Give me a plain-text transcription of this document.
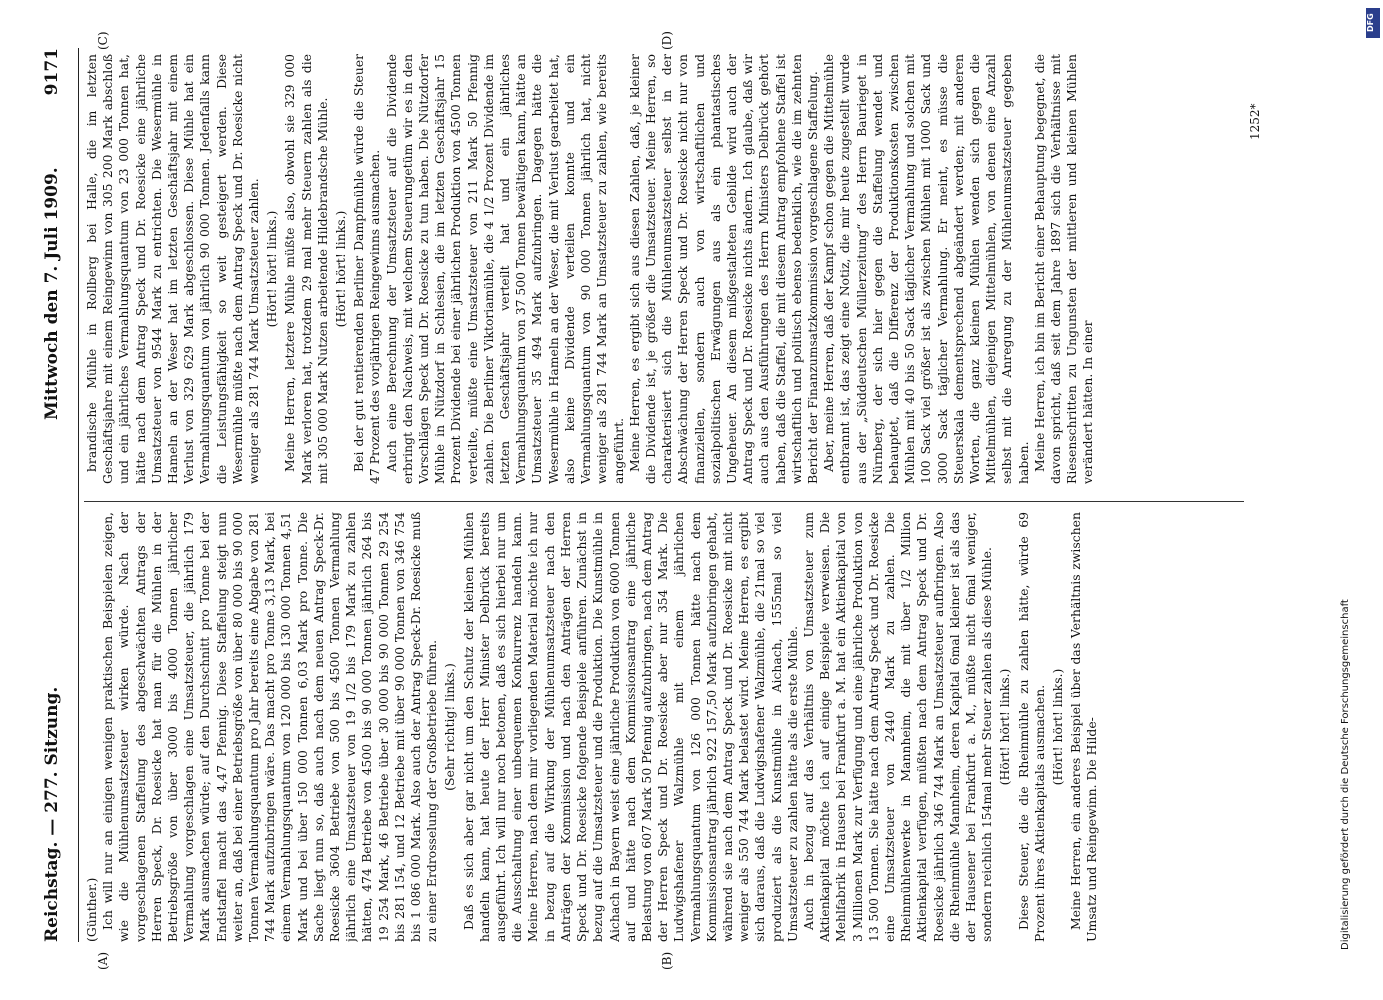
Reichstag. — 277. Sitzung.
Mittwoch den 7. Juli 1909.
9171
(A)	(B)
(C)	(D)

(Günther.) Ich will nur an einigen wenigen praktischen Beispielen zeigen, wie die Mühlenumsatzsteuer wirken würde. Nach der vorgeschlagenen Staffelung des abgeschwächten Antrags der Herren Speck, Dr. Roesicke hat man für die Mühlen in der Betriebsgröße von über 3000 bis 4000 Tonnen jährlicher Vermahlung vorgeschlagen eine Umsatzsteuer, die jährlich 179 Mark ausmachen würde; auf den Durchschnitt pro Tonne bei der Endstaffel macht das 4,47 Pfennig. Diese Staffelung steigt nun weiter an, daß bei einer Betriebsgröße von über 80 000 bis 90 000 Tonnen Vermahlungsquantum pro Jahr bereits eine Abgabe von 281 744 Mark aufzubringen wäre. Das macht pro Tonne 3,13 Mark, bei einem Vermahlungsquantum von 120 000 bis 130 000 Tonnen 4,51 Mark und bei über 150 000 Tonnen 6,03 Mark pro Tonne. Die Sache liegt nun so, daß auch nach dem neuen Antrag Speck-Dr. Roesicke 3604 Betriebe von 500 bis 4500 Tonnen Vermahlung jährlich eine Umsatzsteuer von 19 1/2 bis 179 Mark zu zahlen hätten, 474 Betriebe von 4500 bis 90 000 Tonnen jährlich 264 bis 19 254 Mark, 46 Betriebe über 30 000 bis 90 000 Tonnen 29 254 bis 281 154, und 12 Betriebe mit über 90 000 Tonnen von 346 754 bis 1 086 000 Mark. Also auch der Antrag Speck-Dr. Roesicke muß zu einer Erdrosselung der Großbetriebe führen. (Sehr richtig! links.) Daß es sich aber gar nicht um den Schutz der kleinen Mühlen handeln kann, hat heute der Herr Minister Delbrück bereits ausgeführt. Ich will nur noch betonen, daß es sich hierbei nur um die Ausschaltung einer unbequemen Konkurrenz handeln kann. Meine Herren, nach dem mir vorliegenden Material möchte ich nur in bezug auf die Wirkung der Mühlenumsatzsteuer nach den Anträgen der Kommission und nach den Anträgen der Herren Speck und Dr. Roesicke folgende Beispiele anführen. Zunächst in bezug auf die Umsatzsteuer und die Produktion. Die Kunstmühle in Aichach in Bayern weist eine jährliche Produktion von 6000 Tonnen auf und hätte nach dem Kommissionsantrag eine jährliche Belastung von 607 Mark 50 Pfennig aufzubringen, nach dem Antrag der Herren Speck und Dr. Roesicke aber nur 354 Mark. Die Ludwigshafener Walzmühle mit einem jährlichen Vermahlungsquantum von 126 000 Tonnen hätte nach dem Kommissionsantrag jährlich 922 157,50 Mark aufzubringen gehabt, während sie nach dem Antrag Speck und Dr. Roesicke mit nicht weniger als 550 744 Mark belastet wird. Meine Herren, es ergibt sich daraus, daß die Ludwigshafener Walzmühle, die 21mal so viel produziert als die Kunstmühle in Aichach, 1555mal so viel Umsatzsteuer zu zahlen hätte als die erste Mühle. Auch in bezug auf das Verhältnis von Umsatzsteuer zum Aktienkapital möchte ich auf einige Beispiele verweisen. Die Mehlfabrik in Hausen bei Frankfurt a. M. hat ein Aktienkapital von 3 Millionen Mark zur Verfügung und eine jährliche Produktion von 13 500 Tonnen. Sie hätte nach dem Antrag Speck und Dr. Roesicke eine Umsatzsteuer von 2440 Mark zu zahlen. Die Rheinmühlenwerke in Mannheim, die mit über 1/2 Million Aktienkapital verfügen, müßten nach dem Antrag Speck und Dr. Roesicke jährlich 346 744 Mark an Umsatzsteuer aufbringen. Also die Rheinmühle Mannheim, deren Kapital 6mal kleiner ist als das der Hausener bei Frankfurt a. M., müßte nicht 6mal weniger, sondern reichlich 154mal mehr Steuer zahlen als diese Mühle. (Hört! hört! links.) Diese Steuer, die die Rheinmühle zu zahlen hätte, würde 69 Prozent ihres Aktienkapitals ausmachen. (Hört! hört! links.) Meine Herren, ein anderes Beispiel über das Verhältnis zwischen Umsatz und Reingewinn. Die Hilde-

brandische Mühle in Rollberg bei Halle, die im letzten Geschäftsjahre mit einem Reingewinn von 305 200 Mark abschloß und ein jährliches Vermahlungsquantum von 23 000 Tonnen hat, hätte nach dem Antrag Speck und Dr. Roesicke eine jährliche Umsatzsteuer von 9544 Mark zu entrichten. Die Wesermühle in Hameln an der Weser hat im letzten Geschäftsjahr mit einem Verlust von 329 629 Mark abgeschlossen. Diese Mühle hat ein Vermahlungsquantum von jährlich 90 000 Tonnen. Jedenfalls kann die Leistungsfähigkeit so weit gesteigert werden. Diese Wesermühle müßte nach dem Antrag Speck und Dr. Roesicke nicht weniger als 281 744 Mark Umsatzsteuer zahlen. (Hört! hört! links.) Meine Herren, letztere Mühle müßte also, obwohl sie 329 000 Mark verloren hat, trotzdem 29 mal mehr Steuern zahlen als die mit 305 000 Mark Nutzen arbeitende Hildebrandsche Mühle. (Hört! hört! links.) Bei der gut rentierenden Berliner Dampfmühle würde die Steuer 47 Prozent des vorjährigen Reingewinns ausmachen. Auch eine Berechnung der Umsatzsteuer auf die Dividende erbringt den Nachweis, mit welchem Steuerungetüm wir es in den Vorschlägen Speck und Dr. Roesicke zu tun haben. Die Nützdorfer Mühle in Nützdorf in Schlesien, die im letzten Geschäftsjahr 15 Prozent Dividende bei einer jährlichen Produktion von 4500 Tonnen verteilte, müßte eine Umsatzsteuer von 211 Mark 50 Pfennig zahlen. Die Berliner Viktoriamühle, die 4 1/2 Prozent Dividende im letzten Geschäftsjahr verteilt hat und ein jährliches Vermahlungsquantum von 37 500 Tonnen bewältigen kann, hätte an Umsatzsteuer 35 494 Mark aufzubringen. Dagegen hätte die Wesermühle in Hameln an der Weser, die mit Verlust gearbeitet hat, also keine Dividende verteilen konnte und ein Vermahlungsquantum von 90 000 Tonnen jährlich hat, nicht weniger als 281 744 Mark an Umsatzsteuer zu zahlen, wie bereits angeführt. Meine Herren, es ergibt sich aus diesen Zahlen, daß, je kleiner die Dividende ist, je größer die Umsatzsteuer. Meine Herren, so charakterisiert sich die Mühlenumsatzsteuer selbst in der Abschwächung der Herren Speck und Dr. Roesicke nicht nur von finanziellen, sondern auch von wirtschaftlichen und sozialpolitischen Erwägungen aus als ein phantastisches Ungeheuer. An diesem mißgestalteten Gebilde wird auch der Antrag Speck und Dr. Roesicke nichts ändern. Ich glaube, daß wir auch aus den Ausführungen des Herrn Ministers Delbrück gehört haben, daß die Staffel, die mit diesem Antrag empfohlene Staffel ist wirtschaftlich und politisch ebenso bedenklich, wie die im zehnten Bericht der Finanzumsatzkommission vorgeschlagene Staffelung. Aber, meine Herren, daß der Kampf schon gegen die Mittelmühle entbrannt ist, das zeigt eine Notiz, die mir heute zugestellt wurde aus der „Süddeutschen Müllerzeitung“ des Herrn Baurieget in Nürnberg, der sich hier gegen die Staffelung wendet und behauptet, daß die Differenz der Produktionskosten zwischen Mühlen mit 40 bis 50 Sack täglicher Vermahlung und solchen mit 100 Sack viel größer ist als zwischen Mühlen mit 1000 Sack und 3000 Sack täglicher Vermahlung. Er meint, es müsse die Steuerskala dementsprechend abgeändert werden; mit anderen Worten, die ganz kleinen Mühlen wenden sich gegen die Mittelmühlen, diejenigen Mittelmühlen, von denen eine Anzahl selbst mit die Anregung zu der Mühlenumsatzsteuer gegeben haben. Meine Herren, ich bin im Bericht einer Behauptung begegnet, die davon spricht, daß seit dem Jahre 1897 sich die Verhältnisse mit Riesenschritten zu Ungunsten der mittleren und kleinen Mühlen verändert hätten. In einer

1252*
DFG
Digitalisierung gefördert durch die Deutsche Forschungsgemeinschaft
